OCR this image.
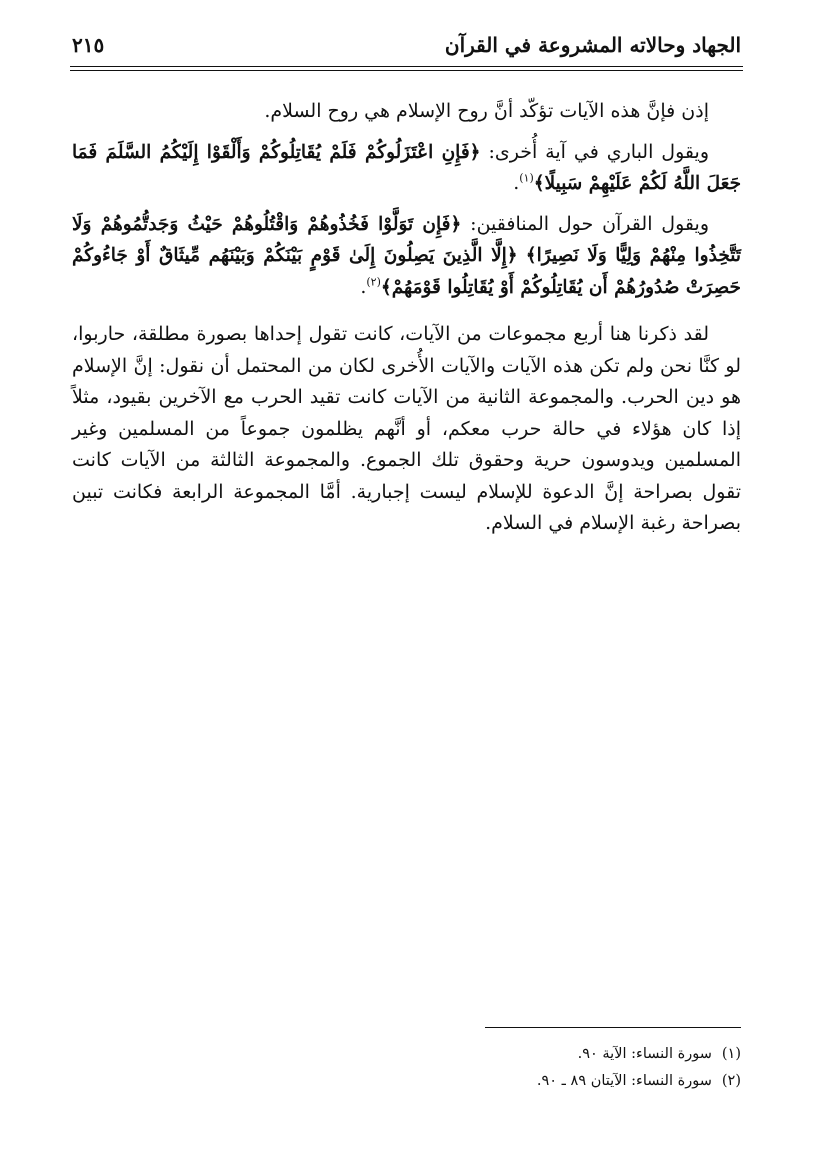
الجهاد وحالاته المشروعة في القرآن
٢١٥

إذن فإنَّ هذه الآيات تؤكّد أنَّ روح الإسلام هي روح السلام.

ويقول الباري في آية أُخرى: ﴿فَإِنِ اعْتَزَلُوكُمْ فَلَمْ يُقَاتِلُوكُمْ وَأَلْقَوْا إِلَيْكُمُ السَّلَمَ فَمَا جَعَلَ اللَّهُ لَكُمْ عَلَيْهِمْ سَبِيلًا﴾$^{(١)}$.

ويقول القرآن حول المنافقين: ﴿فَإِن تَوَلَّوْا فَخُذُوهُمْ وَاقْتُلُوهُمْ حَيْثُ وَجَدتُّمُوهُمْ وَلَا تَتَّخِذُوا مِنْهُمْ وَلِيًّا وَلَا نَصِيرًا﴾ ﴿إِلَّا الَّذِينَ يَصِلُونَ إِلَىٰ قَوْمٍ بَيْنَكُمْ وَبَيْنَهُم مِّيثَاقٌ أَوْ جَاءُوكُمْ حَصِرَتْ صُدُورُهُمْ أَن يُقَاتِلُوكُمْ أَوْ يُقَاتِلُوا قَوْمَهُمْ﴾$^{(٢)}$.

لقد ذكرنا هنا أربع مجموعات من الآيات، كانت تقول إحداها بصورة مطلقة، حاربوا، لو كنَّا نحن ولم تكن هذه الآيات والآيات الأُخرى لكان من المحتمل أن نقول: إنَّ الإسلام هو دين الحرب. والمجموعة الثانية من الآيات كانت تقيد الحرب مع الآخرين بقيود، مثلاً إذا كان هؤلاء في حالة حرب معكم، أو أنَّهم يظلمون جموعاً من المسلمين وغير المسلمين ويدوسون حرية وحقوق تلك الجموع. والمجموعة الثالثة من الآيات كانت تقول بصراحة إنَّ الدعوة للإسلام ليست إجبارية. أمَّا المجموعة الرابعة فكانت تبين بصراحة رغبة الإسلام في السلام.

(١)
سورة النساء: الآية ٩٠.
(٢)
سورة النساء: الآيتان ٨٩ ـ ٩٠.
